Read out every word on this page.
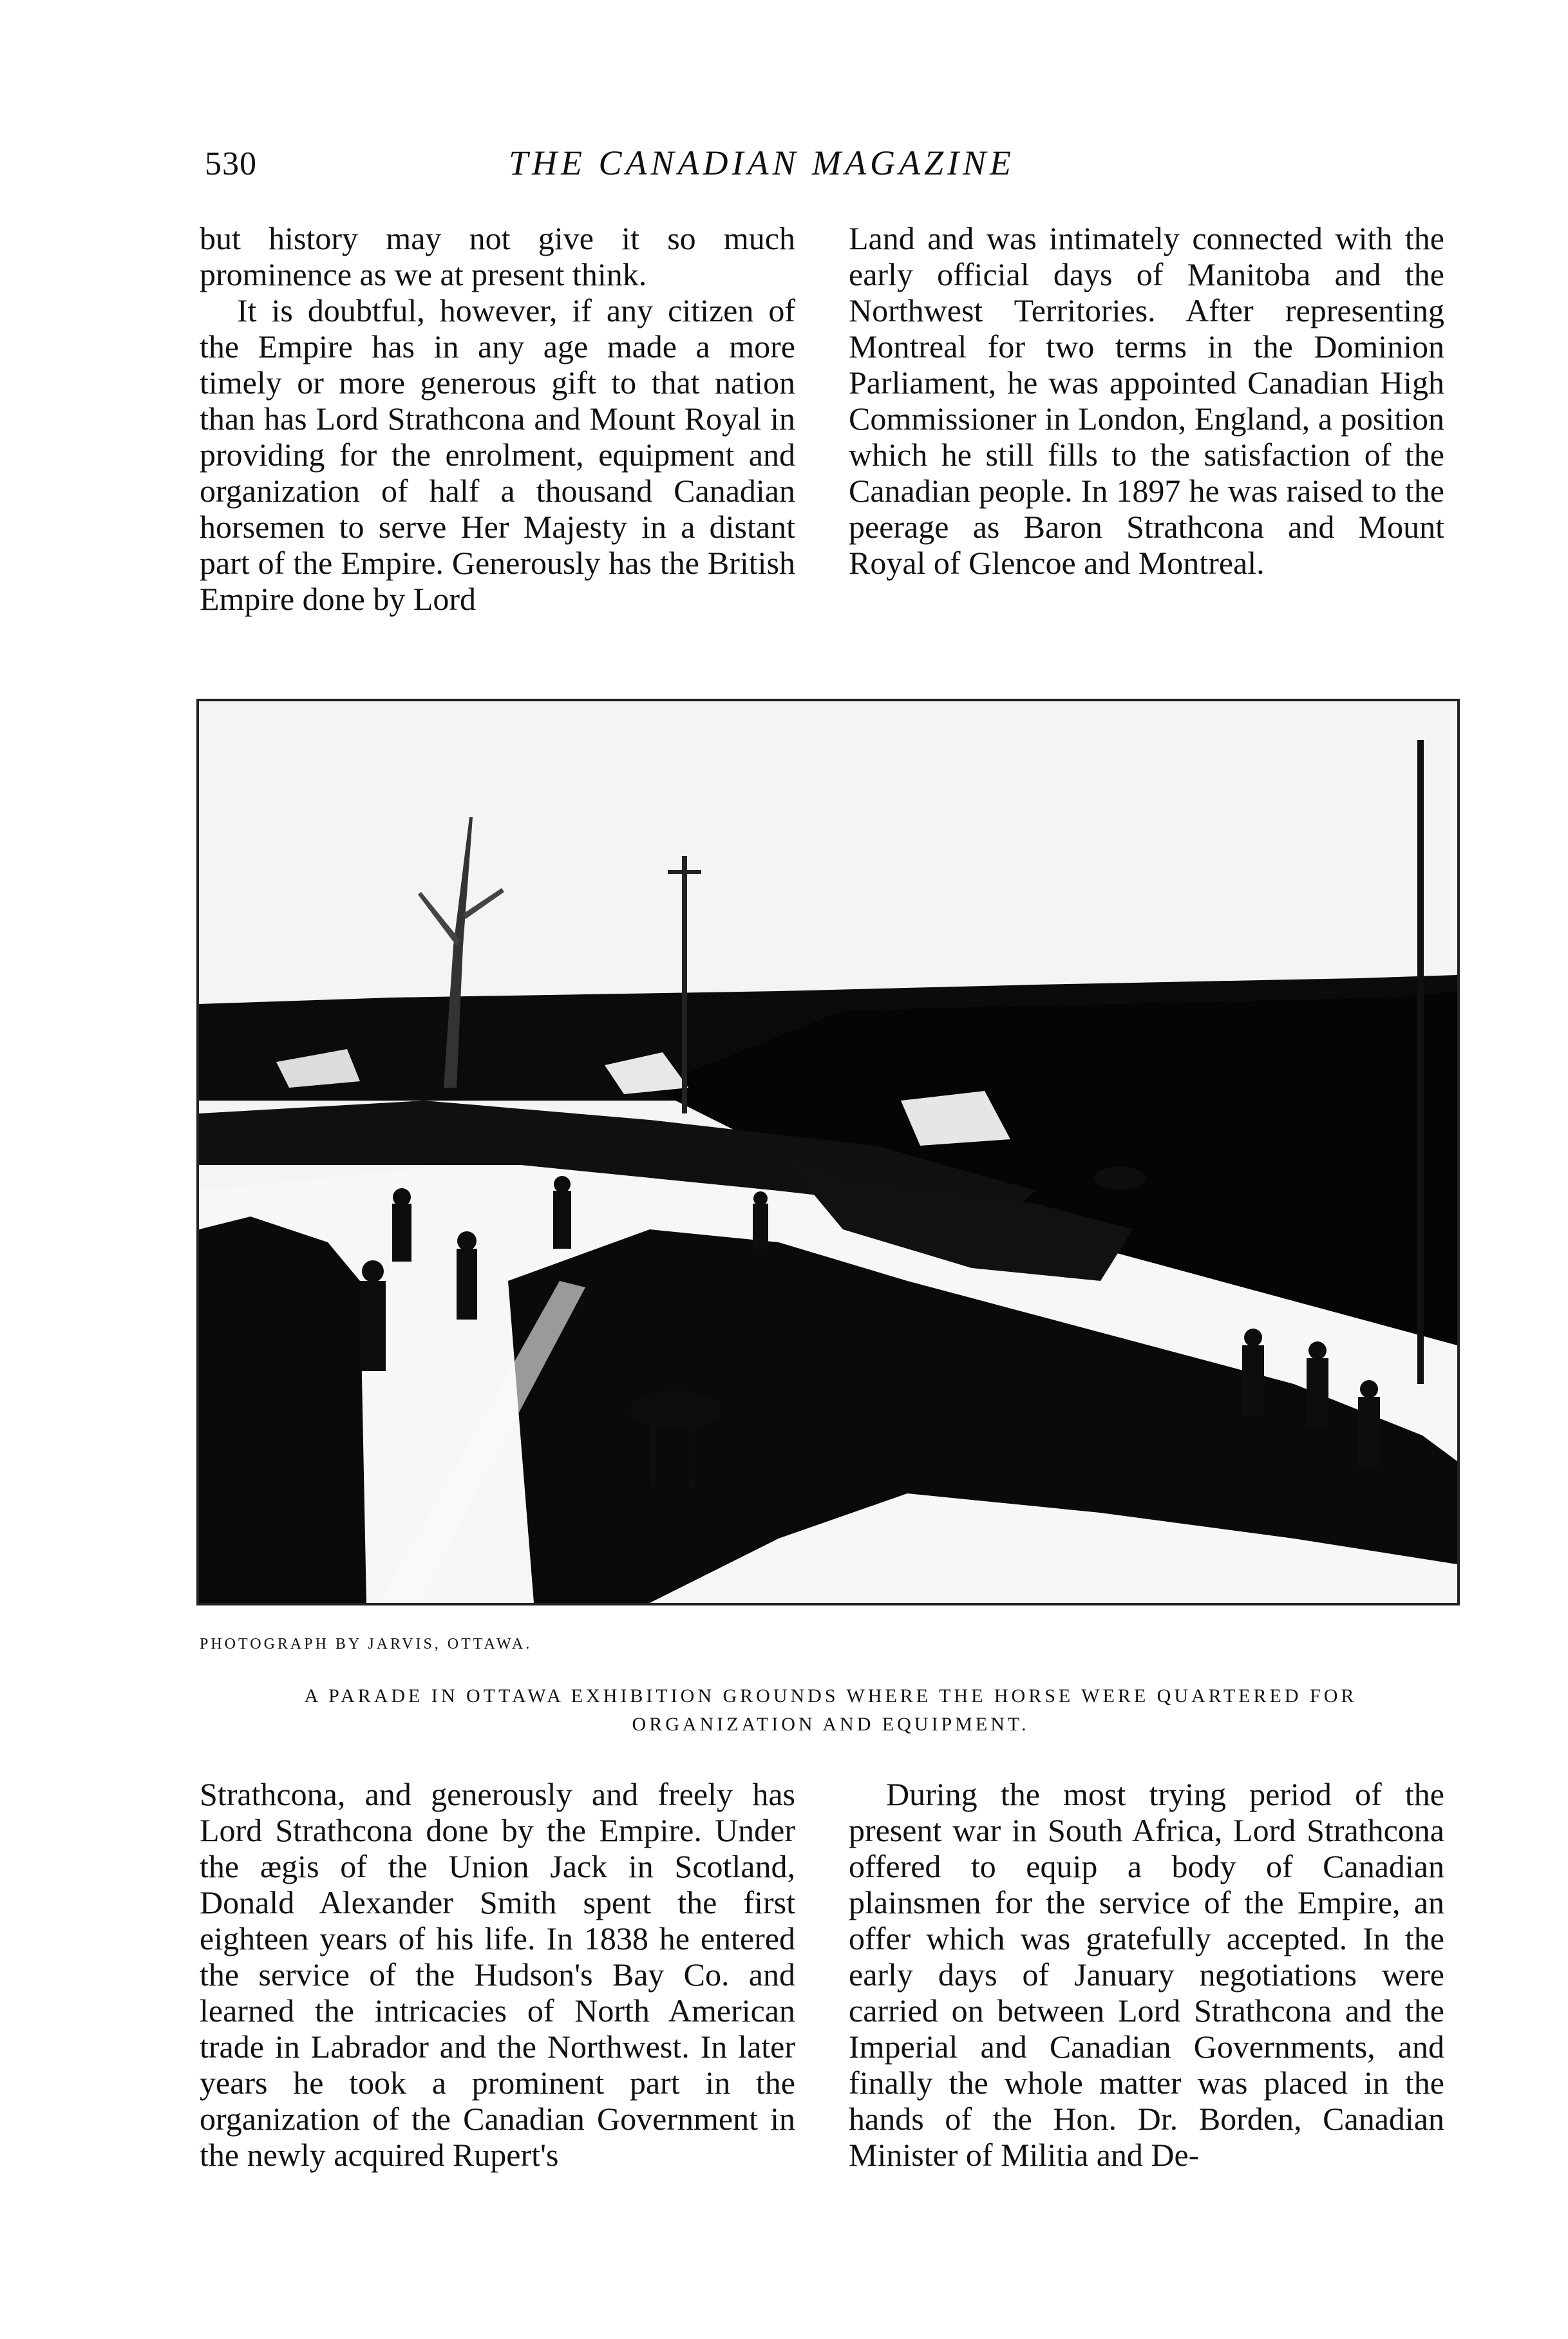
530	THE CANADIAN MAGAZINE

but history may not give it so much prominence as we at present think.

It is doubtful, however, if any citizen of the Empire has in any age made a more timely or more generous gift to that nation than has Lord Strathcona and Mount Royal in providing for the enrolment, equipment and organization of half a thousand Canadian horsemen to serve Her Majesty in a distant part of the Empire. Generously has the British Empire done by Lord

Land and was intimately connected with the early official days of Manitoba and the Northwest Territories. After representing Montreal for two terms in the Dominion Parliament, he was appointed Canadian High Commissioner in London, England, a position which he still fills to the satisfaction of the Canadian people. In 1897 he was raised to the peerage as Baron Strathcona and Mount Royal of Glencoe and Montreal.

PHOTOGRAPH BY JARVIS, OTTAWA.
A PARADE IN OTTAWA EXHIBITION GROUNDS WHERE THE HORSE WERE QUARTERED FOR ORGANIZATION AND EQUIPMENT.

Strathcona, and generously and freely has Lord Strathcona done by the Empire. Under the ægis of the Union Jack in Scotland, Donald Alexander Smith spent the first eighteen years of his life. In 1838 he entered the service of the Hudson's Bay Co. and learned the intricacies of North American trade in Labrador and the Northwest. In later years he took a prominent part in the organization of the Canadian Government in the newly acquired Rupert's

During the most trying period of the present war in South Africa, Lord Strathcona offered to equip a body of Canadian plainsmen for the service of the Empire, an offer which was gratefully accepted. In the early days of January negotiations were carried on between Lord Strathcona and the Imperial and Canadian Governments, and finally the whole matter was placed in the hands of the Hon. Dr. Borden, Canadian Minister of Militia and De-
